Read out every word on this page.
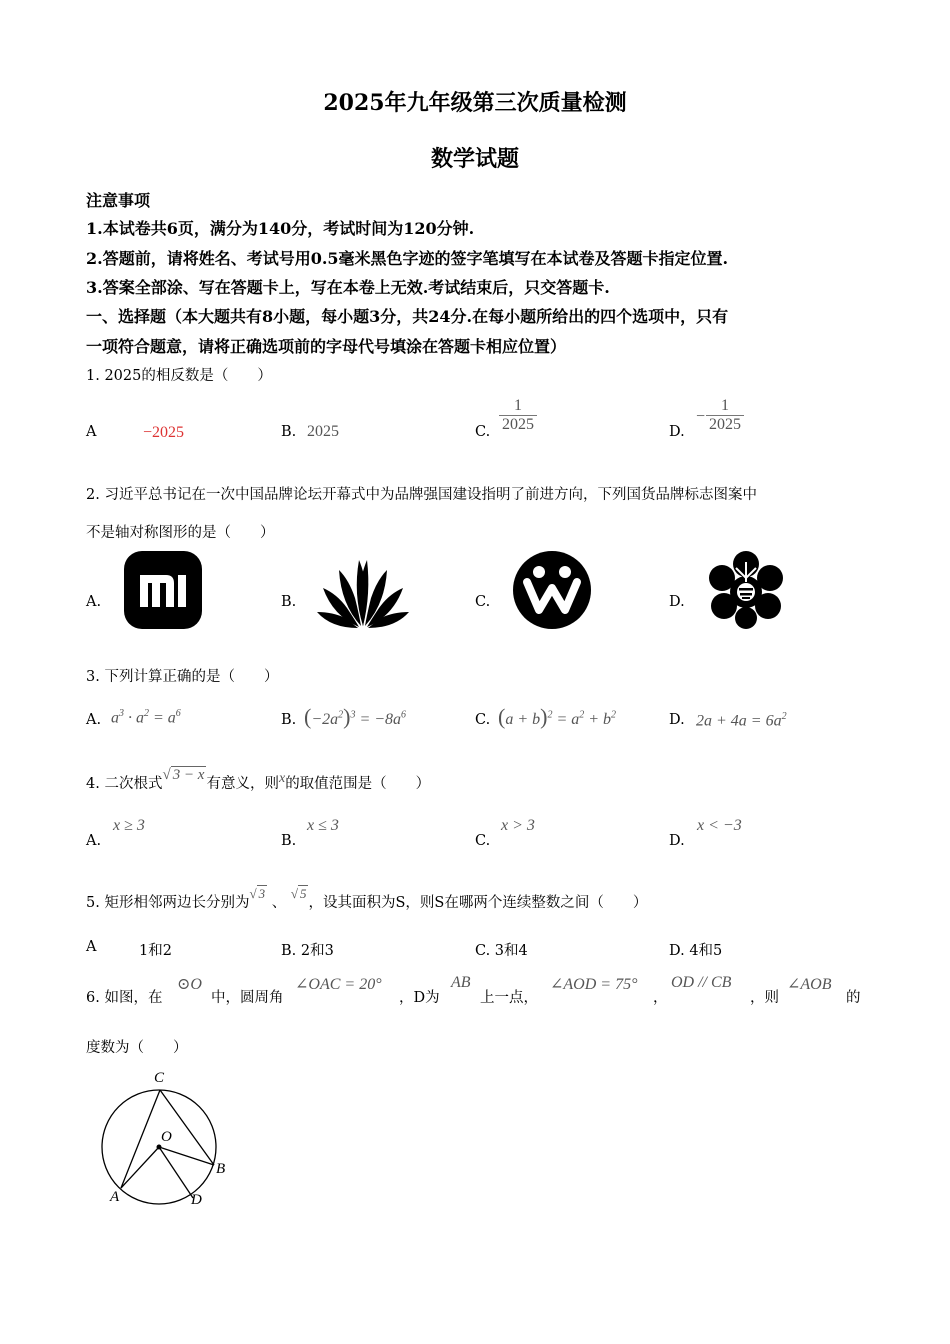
2025年九年级第三次质量检测
数学试题
注意事项
1.本试卷共6页，满分为140分，考试时间为120分钟.
2.答题前，请将姓名、考试号用0.5毫米黑色字迹的签字笔填写在本试卷及答题卡指定位置.
3.答案全部涂、写在答题卡上，写在本卷上无效.考试结束后，只交答题卡.
一、选择题（本大题共有8小题，每小题3分，共24分.在每小题所给出的四个选项中，只有
一项符合题意，请将正确选项前的字母代号填涂在答题卡相应位置）
1. 2025的相反数是（　　）
A	−2025	B. 2025	C. $\frac{1}{2025}$	D.
− $\frac{1}{2025}$
2. 习近平总书记在一次中国品牌论坛开幕式中为品牌强国建设指明了前进方向，下列国货品牌标志图案中
不是轴对称图形的是（　　）
A.	B.	C.	D.
3. 下列计算正确的是（　　）
A. $a^3 \cdot a^2 = a^6$	B. $(-2a^2)^3 = -8a^6$	C. $(a + b)^2 = a^2 + b^2$	D. $2a + 4a = 6a^2$
4. 二次根式√ 3 − x有意义，则x的取值范围是（　　）
A.
x ≥ 3
B.
x ≤ 3
C.
x > 3
D.
x < −3
5. 矩形相邻两边长分别为√ 3 、 √ 5，设其面积为S，则S在哪两个连续整数之间（　　）
A	1和2	B. 2和3	C. 3和4	D. 4和5
6. 如图，在
⊙O
中，圆周角
∠OAC = 20°
，D为
AB
上一点，
∠AOD = 75°
，
OD // CB
，则
∠AOB
的
度数为（　　）
C
O
B
A	D
